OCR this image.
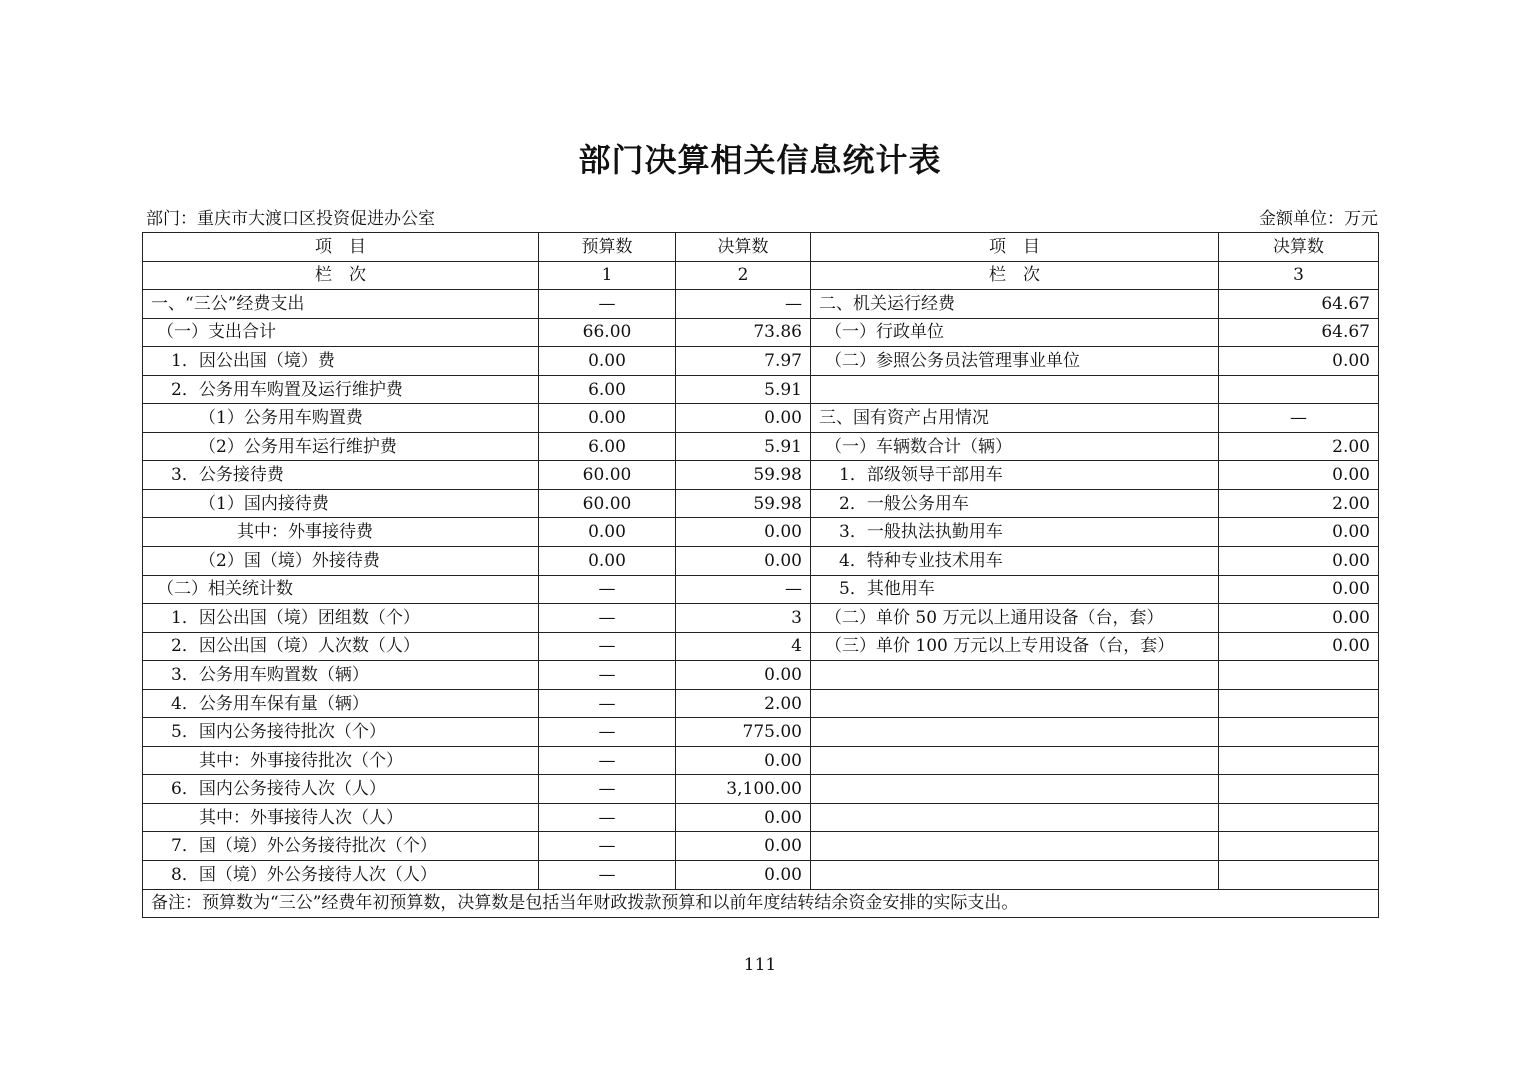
部门决算相关信息统计表
部门：重庆市大渡口区投资促进办公室	金额单位：万元
项　目	预算数	决算数	项　目	决算数
栏　次	1	2	栏　次	3
一、“三公”经费支出	—	—	二、机关运行经费	64.67
（一）支出合计	66.00	73.86	（一）行政单位	64.67
1．因公出国（境）费	0.00	7.97	（二）参照公务员法管理事业单位	0.00
2．公务用车购置及运行维护费	6.00	5.91		
（1）公务用车购置费	0.00	0.00	三、国有资产占用情况	—
（2）公务用车运行维护费	6.00	5.91	（一）车辆数合计（辆）	2.00
3．公务接待费	60.00	59.98	1．部级领导干部用车	0.00
（1）国内接待费	60.00	59.98	2．一般公务用车	2.00
其中：外事接待费	0.00	0.00	3．一般执法执勤用车	0.00
（2）国（境）外接待费	0.00	0.00	4．特种专业技术用车	0.00
（二）相关统计数	—	—	5．其他用车	0.00
1．因公出国（境）团组数（个）	—	3	（二）单价 50 万元以上通用设备（台，套）	0.00
2．因公出国（境）人次数（人）	—	4	（三）单价 100 万元以上专用设备（台，套）	0.00
3．公务用车购置数（辆）	—	0.00		
4．公务用车保有量（辆）	—	2.00		
5．国内公务接待批次（个）	—	775.00		
其中：外事接待批次（个）	—	0.00		
6．国内公务接待人次（人）	—	3,100.00		
其中：外事接待人次（人）	—	0.00		
7．国（境）外公务接待批次（个）	—	0.00		
8．国（境）外公务接待人次（人）	—	0.00		
备注：预算数为“三公”经费年初预算数，决算数是包括当年财政拨款预算和以前年度结转结余资金安排的实际支出。				
111
